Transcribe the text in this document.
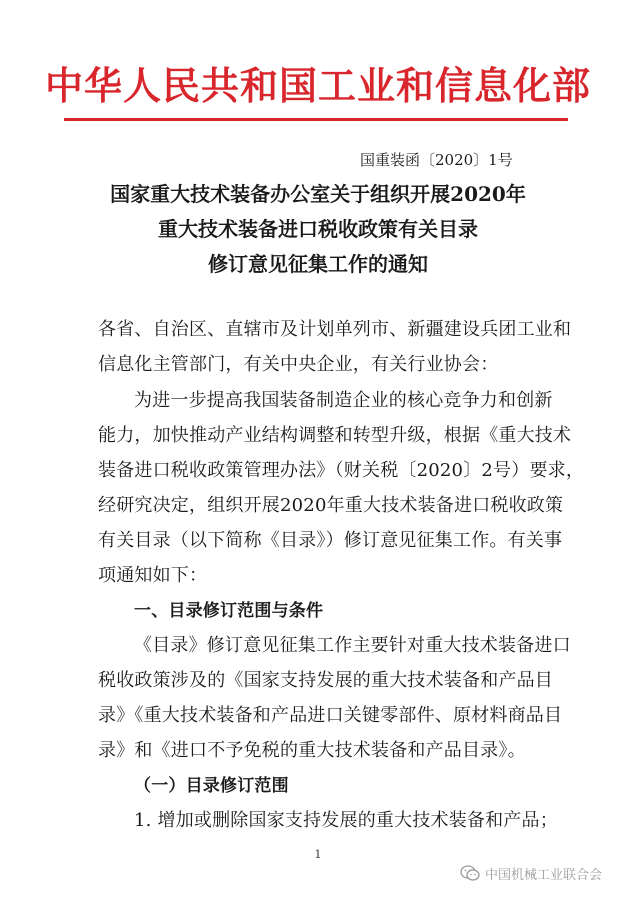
中华人民共和国工业和信息化部
国重装函〔2020〕1号
国家重大技术装备办公室关于组织开展2020年
重大技术装备进口税收政策有关目录
修订意见征集工作的通知
各省、自治区、直辖市及计划单列市、新疆建设兵团工业和
信息化主管部门，有关中央企业，有关行业协会：
为进一步提高我国装备制造企业的核心竞争力和创新
能力，加快推动产业结构调整和转型升级，根据《重大技术
装备进口税收政策管理办法》（财关税〔2020〕2号）要求，
经研究决定，组织开展2020年重大技术装备进口税收政策
有关目录（以下简称《目录》）修订意见征集工作。有关事
项通知如下：
一、目录修订范围与条件
《目录》修订意见征集工作主要针对重大技术装备进口
税收政策涉及的《国家支持发展的重大技术装备和产品目
录》《重大技术装备和产品进口关键零部件、原材料商品目
录》和《进口不予免税的重大技术装备和产品目录》。
（一）目录修订范围
1. 增加或删除国家支持发展的重大技术装备和产品；
1
中国机械工业联合会
